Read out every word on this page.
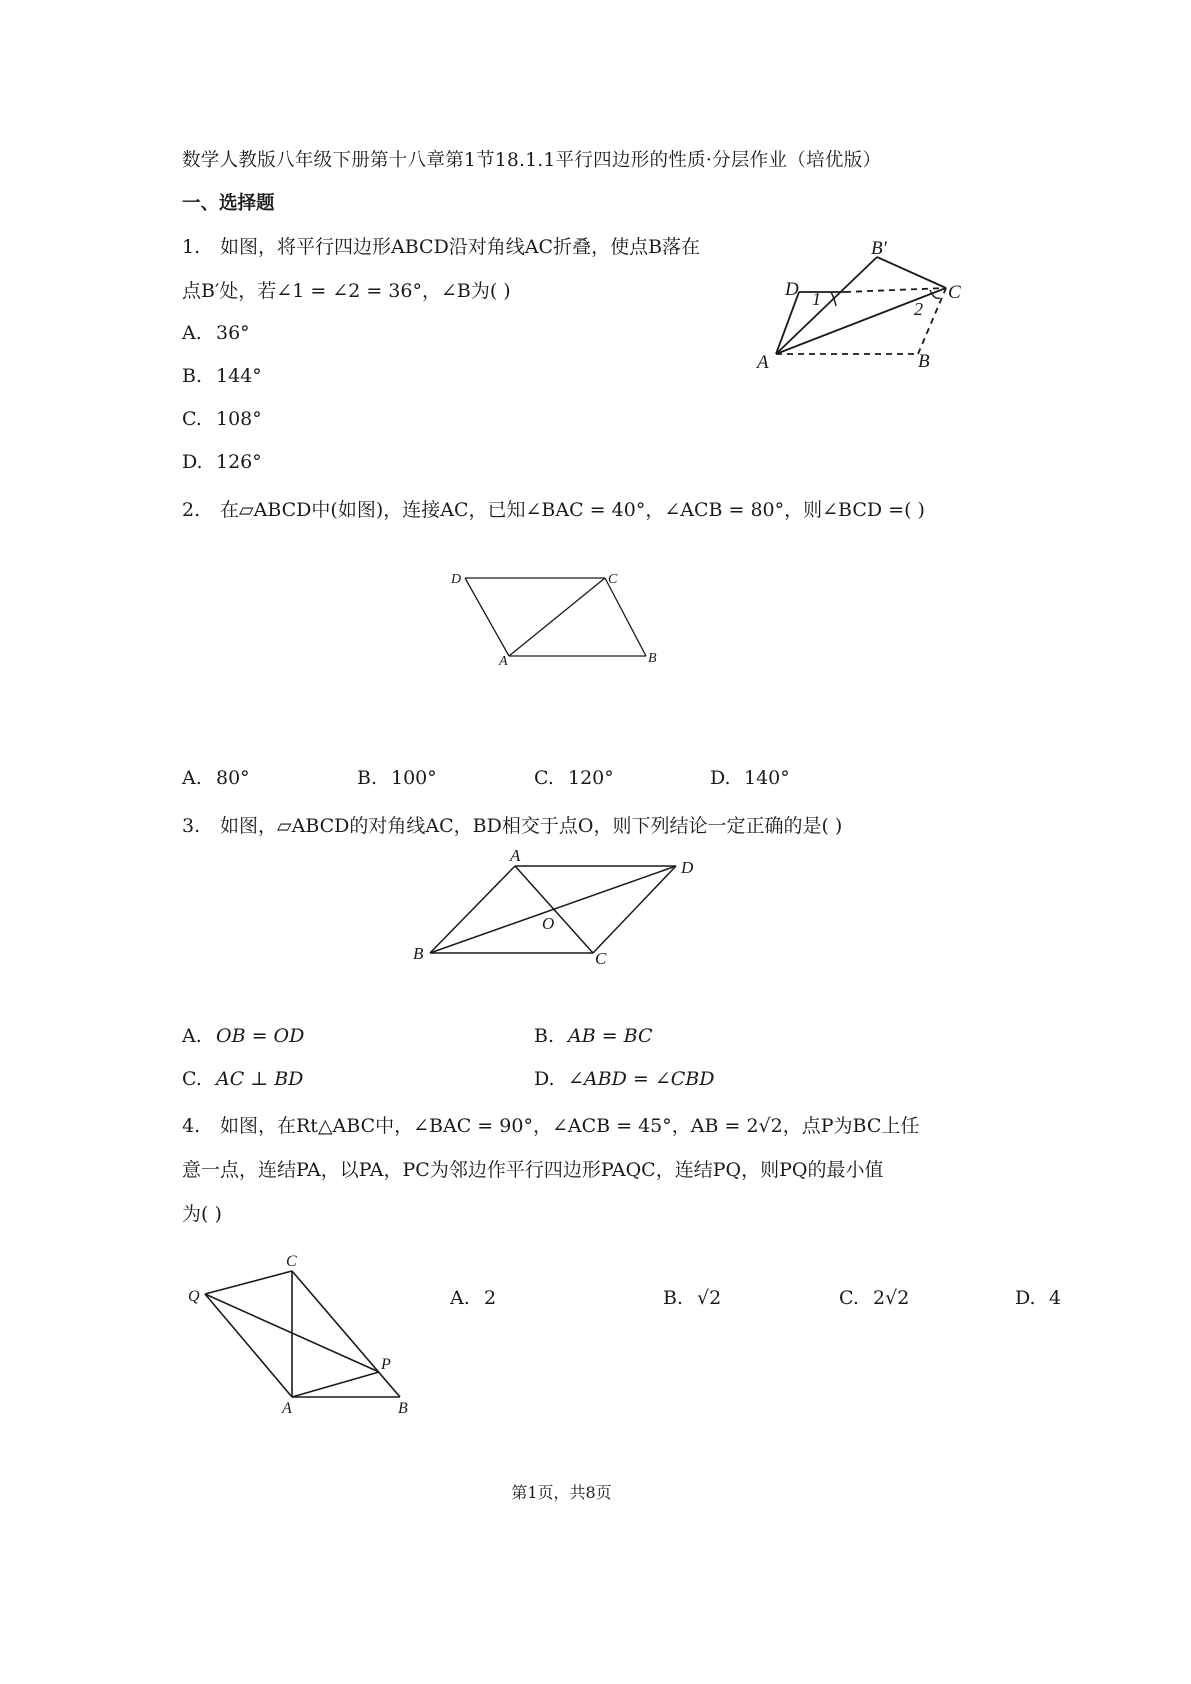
数学人教版八年级下册第十八章第1节18.1.1平行四边形的性质·分层作业（培优版）
一、选择题
1. 如图，将平行四边形ABCD沿对角线AC折叠，使点B落在
点B′处，若∠1 = ∠2 = 36°，∠B为( )
A. 36°
B. 144°
C. 108°
D. 126°
B′
D	C
A	B
1	2
2. 在▱ABCD中(如图)，连接AC，已知∠BAC = 40°，∠ACB = 80°，则∠BCD =( )
D	C
A	B
A. 80°	B. 100°	C. 120°	D. 140°
3. 如图，▱ABCD的对角线AC，BD相交于点O，则下列结论一定正确的是( )
A
D
O
B	C
A. OB = OD	B. AB = BC
C. AC ⊥ BD	D. ∠ABD = ∠CBD
4. 如图，在Rt△ABC中，∠BAC = 90°，∠ACB = 45°，AB = 2√2，点P为BC上任
意一点，连结PA，以PA，PC为邻边作平行四边形PAQC，连结PQ，则PQ的最小值
为( )
C
Q
P
A	B
A. 2	B. √2	C. 2√2	D. 4
第1页，共8页
